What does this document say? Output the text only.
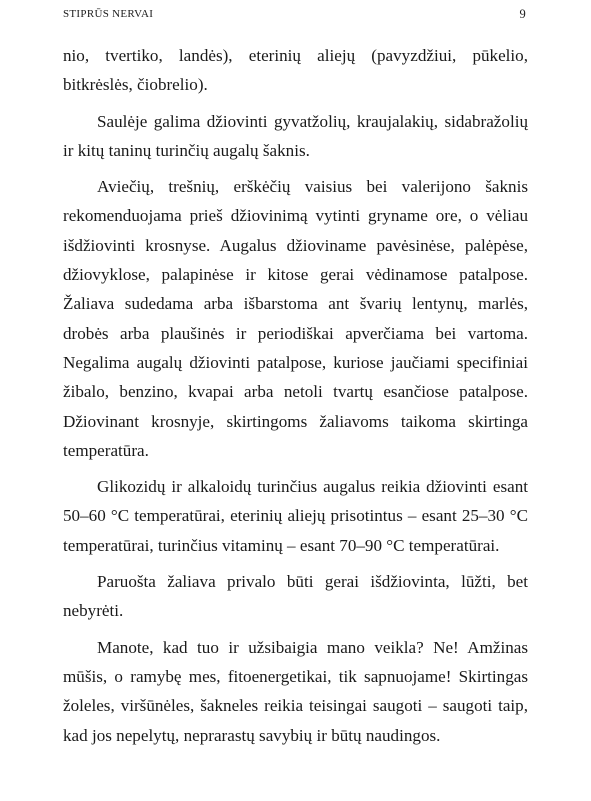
STIPRŪS NERVAI	9

nio, tvertiko, landės), eterinių aliejų (pavyzdžiui, pūkelio, bitkrėslės, čiobrelio).

Saulėje galima džiovinti gyvatžolių, kraujalakių, sidabražolių ir kitų taninų turinčių augalų šaknis.

Aviečių, trešnių, erškėčių vaisius bei valerijono šaknis rekomenduojama prieš džiovinimą vytinti gryname ore, o vėliau išdžiovinti krosnyse. Augalus džioviname pavėsinėse, palėpėse, džiovyklose, palapinėse ir kitose gerai vėdinamose patalpose. Žaliava sudedama arba išbarstoma ant švarių lentynų, marlės, drobės arba plaušinės ir periodiškai apverčiama bei vartoma. Negalima augalų džiovinti patalpose, kuriose jaučiami specifiniai žibalo, benzino, kvapai arba netoli tvartų esančiose patalpose. Džiovinant krosnyje, skirtingoms žaliavoms taikoma skirtinga temperatūra.

Glikozidų ir alkaloidų turinčius augalus reikia džiovinti esant 50–60 °C temperatūrai, eterinių aliejų prisotintus – esant 25–30 °C temperatūrai, turinčius vitaminų – esant 70–90 °C temperatūrai.

Paruošta žaliava privalo būti gerai išdžiovinta, lūžti, bet nebyrėti.

Manote, kad tuo ir užsibaigia mano veikla? Ne! Amžinas mūšis, o ramybę mes, fitoenergetikai, tik sapnuojame! Skirtingas žoleles, viršūnėles, šakneles reikia teisingai saugoti – saugoti taip, kad jos nepelytų, neprarastų savybių ir būtų naudingos.
